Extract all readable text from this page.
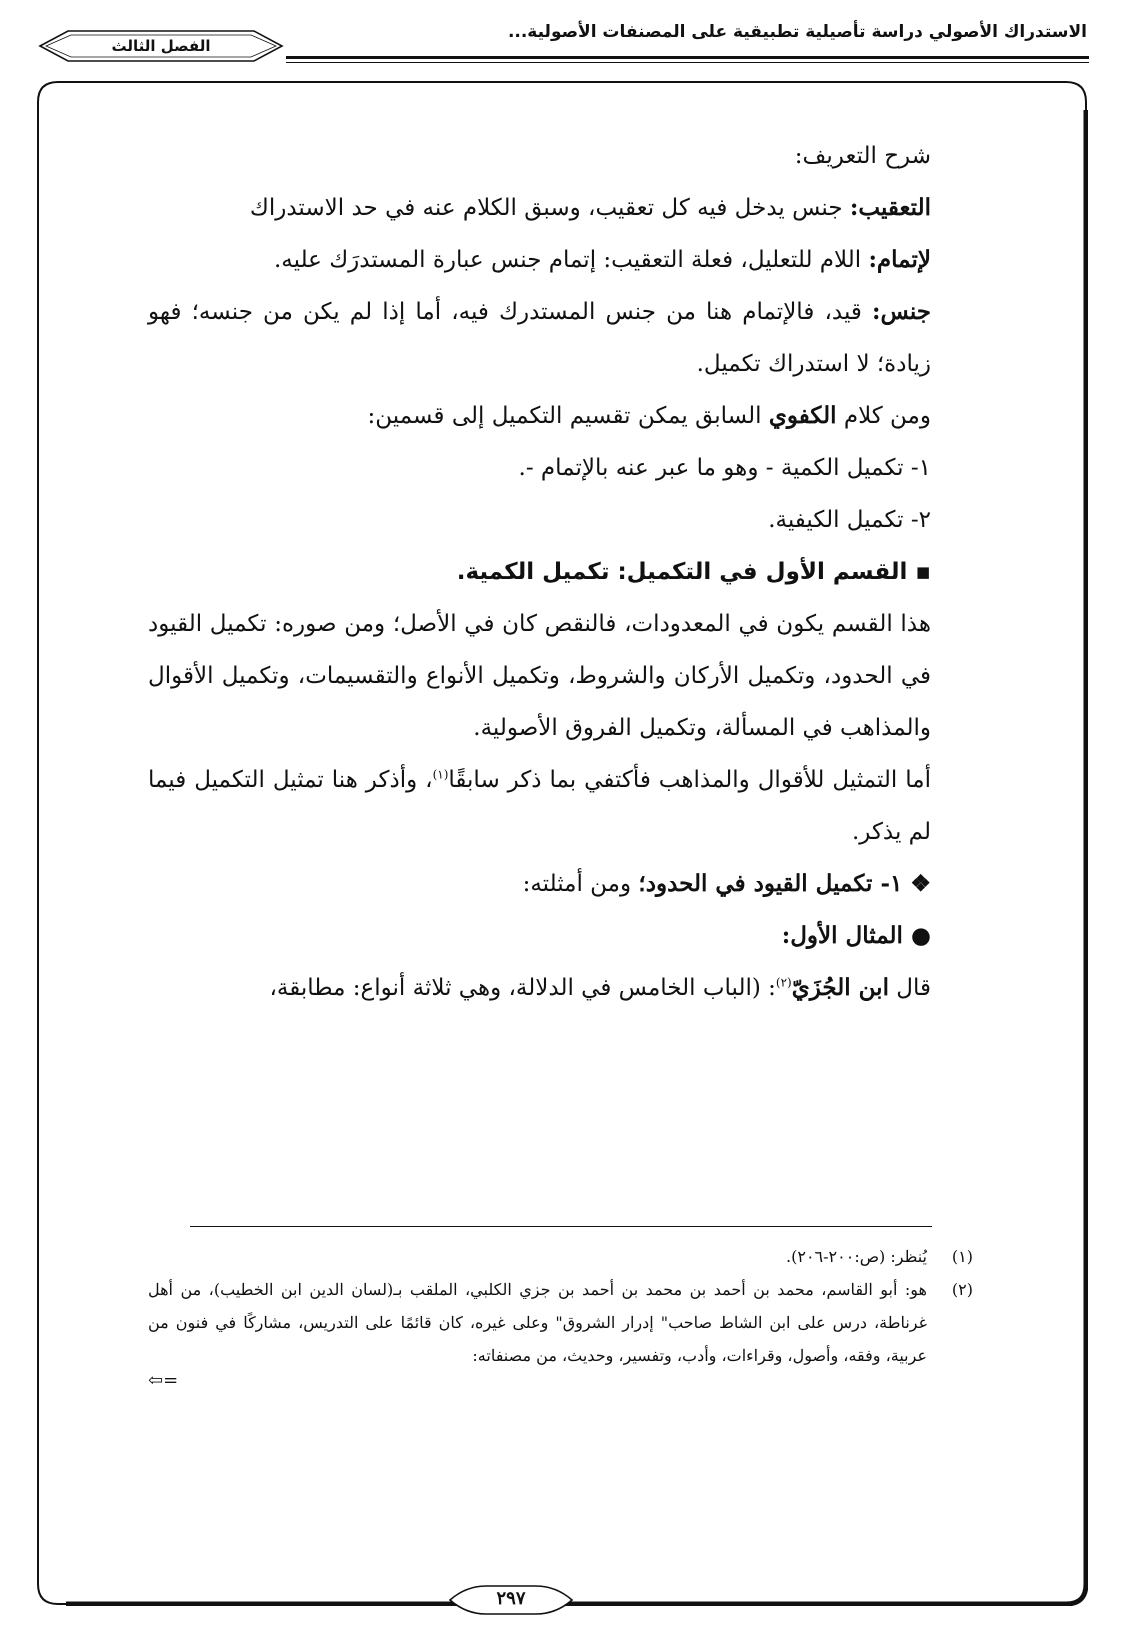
الاستدراك الأصولي دراسة تأصيلية تطبيقية على المصنفات الأصولية...
الفصل الثالث

شرح التعريف:

التعقيب: جنس يدخل فيه كل تعقيب، وسبق الكلام عنه في حد الاستدراك

لإتمام: اللام للتعليل، فعلة التعقيب: إتمام جنس عبارة المستدرَك عليه.

جنس: قيد، فالإتمام هنا من جنس المستدرك فيه، أما إذا لم يكن من جنسه؛ فهو زيادة؛ لا استدراك تكميل.

ومن كلام الكفوي السابق يمكن تقسيم التكميل إلى قسمين:

١- تكميل الكمية - وهو ما عبر عنه بالإتمام -.

٢- تكميل الكيفية.

▪ القسم الأول في التكميل: تكميل الكمية.

هذا القسم يكون في المعدودات، فالنقص كان في الأصل؛ ومن صوره: تكميل القيود في الحدود، وتكميل الأركان والشروط، وتكميل الأنواع والتقسيمات، وتكميل الأقوال والمذاهب في المسألة، وتكميل الفروق الأصولية.

أما التمثيل للأقوال والمذاهب فأكتفي بما ذكر سابقًا$^{(١)}$، وأذكر هنا تمثيل التكميل فيما لم يذكر.

❖ ١- تكميل القيود في الحدود؛ ومن أمثلته:

● المثال الأول:

قال ابن الجُزَيّ$^{(٢)}$: (الباب الخامس في الدلالة، وهي ثلاثة أنواع: مطابقة،

(١)
يُنظر: (ص:٢٠٠-٢٠٦).
(٢)
هو: أبو القاسم، محمد بن أحمد بن محمد بن أحمد بن جزي الكلبي، الملقب بـ(لسان الدين ابن الخطيب)، من أهل غرناطة، درس على ابن الشاط صاحب" إدرار الشروق" وعلى غيره، كان قائمًا على التدريس، مشاركًا في فنون من عربية، وفقه، وأصول، وقراءات، وأدب، وتفسير، وحديث، من مصنفاته:

⇦=

٢٩٧
